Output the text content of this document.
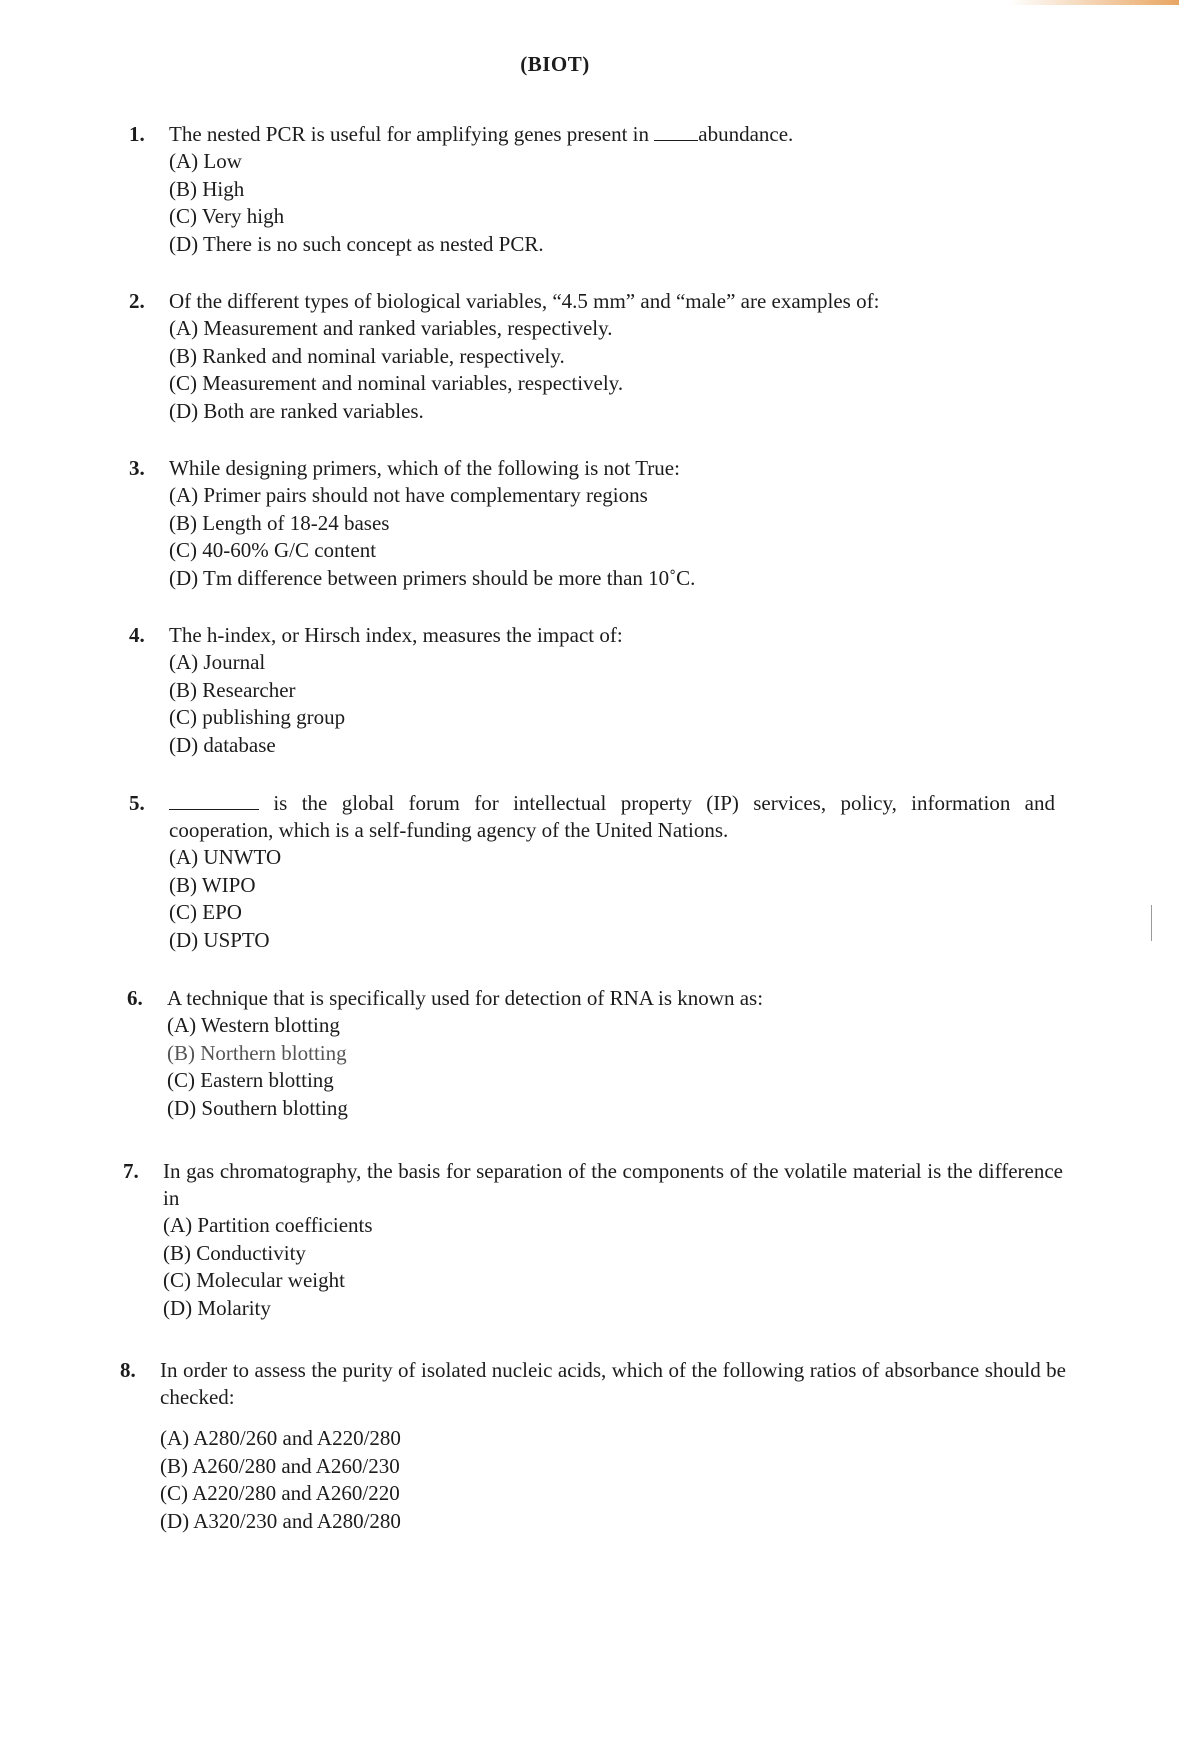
(BIOT)
1.	The nested PCR is useful for amplifying genes present in abundance.

(A) Low

(B) High

(C) Very high

(D) There is no such concept as nested PCR.

2.	Of the different types of biological variables, “4.5 mm” and “male” are examples of:

(A) Measurement and ranked variables, respectively.

(B) Ranked and nominal variable, respectively.

(C) Measurement and nominal variables, respectively.

(D) Both are ranked variables.

3.	While designing primers, which of the following is not True:

(A) Primer pairs should not have complementary regions

(B) Length of 18-24 bases

(C) 40-60% G/C content

(D) Tm difference between primers should be more than 10˚C.

4.	The h-index, or Hirsch index, measures the impact of:

(A) Journal

(B) Researcher

(C) publishing group

(D) database

5.	is the global forum for intellectual property (IP) services, policy, information and cooperation, which is a self-funding agency of the United Nations.

(A) UNWTO

(B) WIPO

(C) EPO

(D) USPTO

6.	A technique that is specifically used for detection of RNA is known as:

(A) Western blotting

(B) Northern blotting

(C) Eastern blotting

(D) Southern blotting

7.	In gas chromatography, the basis for separation of the components of the volatile material is the difference in

(A) Partition coefficients

(B) Conductivity

(C) Molecular weight

(D) Molarity

8.	In order to assess the purity of isolated nucleic acids, which of the following ratios of absorbance should be checked:

(A) A280/260 and A220/280

(B) A260/280 and A260/230

(C) A220/280 and A260/220

(D) A320/230 and A280/280
